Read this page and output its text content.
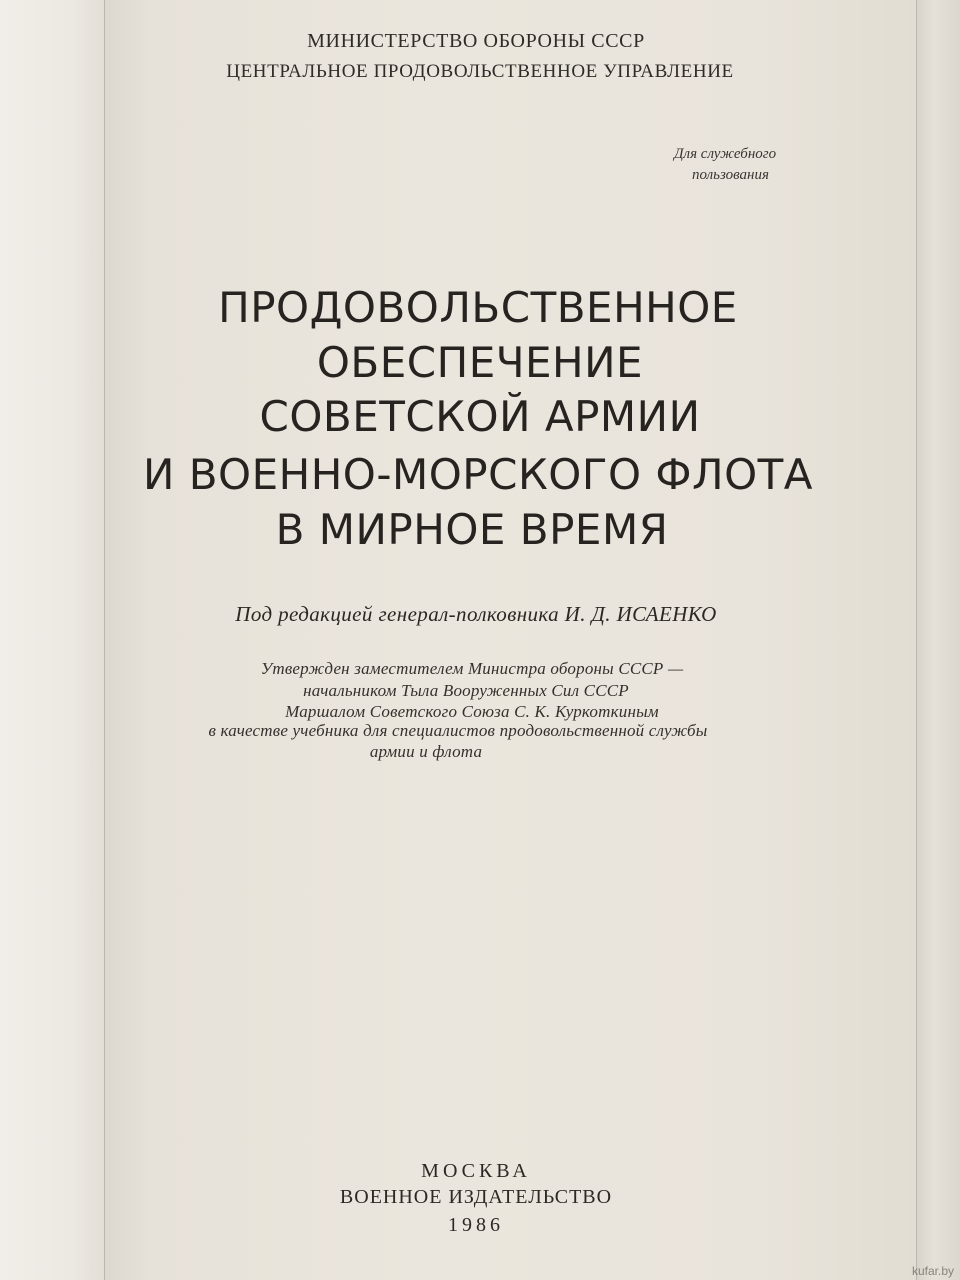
МИНИСТЕРСТВО ОБОРОНЫ СССР
ЦЕНТРАЛЬНОЕ ПРОДОВОЛЬСТВЕННОЕ УПРАВЛЕНИЕ
Для служебного
пользования
ПРОДОВОЛЬСТВЕННОЕ
ОБЕСПЕЧЕНИЕ
СОВЕТСКОЙ АРМИИ
И ВОЕННО-МОРСКОГО ФЛОТА
В МИРНОЕ ВРЕМЯ
Под редакцией генерал-полковника И. Д. ИСАЕНКО
Утвержден заместителем Министра обороны СССР —
начальником Тыла Вооруженных Сил СССР
Маршалом Советского Союза С. К. Куркоткиным
в качестве учебника для специалистов продовольственной службы
армии и флота
МОСКВА
ВОЕННОЕ ИЗДАТЕЛЬСТВО
1986
kufar.by
